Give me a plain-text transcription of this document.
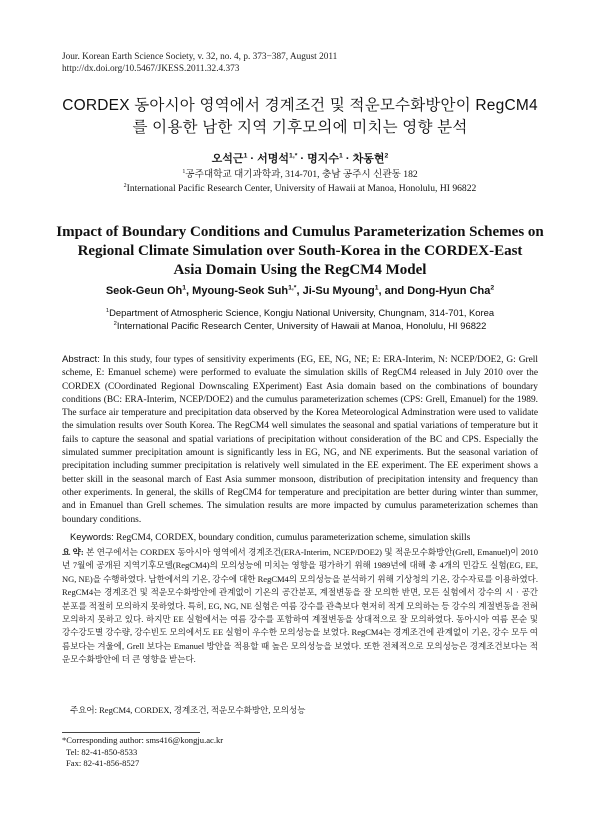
Jour. Korean Earth Science Society, v. 32, no. 4, p. 373−387, August 2011
http://dx.doi.org/10.5467/JKESS.2011.32.4.373
CORDEX 동아시아 영역에서 경계조건 및 적운모수화방안이 RegCM4
를 이용한 남한 지역 기후모의에 미치는 영향 분석
오석근$^1$ · 서명석$^{1,*}$ · 명지수$^1$ · 차동현$^2$
$^1$공주대학교 대기과학과, 314-701, 충남 공주시 신관동 182
$^2$International Pacific Research Center, University of Hawaii at Manoa, Honolulu, HI 96822
Impact of Boundary Conditions and Cumulus Parameterization Schemes on
Regional Climate Simulation over South-Korea in the CORDEX-East
Asia Domain Using the RegCM4 Model
Seok-Geun Oh$^1$, Myoung-Seok Suh$^{1,*}$, Ji-Su Myoung$^1$, and Dong-Hyun Cha$^2$
$^1$Department of Atmospheric Science, Kongju National University, Chungnam, 314-701, Korea
$^2$International Pacific Research Center, University of Hawaii at Manoa, Honolulu, HI 96822
Abstract: In this study, four types of sensitivity experiments (EG, EE, NG, NE; E: ERA-Interim, N: NCEP/DOE2, G: Grell scheme, E: Emanuel scheme) were performed to evaluate the simulation skills of RegCM4 released in July 2010 over the CORDEX (COordinated Regional Downscaling EXperiment) East Asia domain based on the combinations of boundary conditions (BC: ERA-Interim, NCEP/DOE2) and the cumulus parameterization schemes (CPS: Grell, Emanuel) for the 1989. The surface air temperature and precipitation data observed by the Korea Meteorological Adminstration were used to validate the simulation results over South Korea. The RegCM4 well simulates the seasonal and spatial variations of temperature but it fails to capture the seasonal and spatial variations of precipitation without consideration of the BC and CPS. Especially the simulated summer precipitation amount is significantly less in EG, NG, and NE experiments. But the seasonal variation of precipitation including summer precipitation is relatively well simulated in the EE experiment. The EE experiment shows a better skill in the seasonal march of East Asia summer monsoon, distribution of precipitation intensity and frequency than other experiments. In general, the skills of RegCM4 for temperature and precipitation are better during winter than summer, and in Emanuel than Grell schemes. The simulation results are more impacted by cumulus parameterization schemes than boundary conditions.
Keywords: RegCM4, CORDEX, boundary condition, cumulus parameterization scheme, simulation skills
요 약: 본 연구에서는 CORDEX 동아시아 영역에서 경계조건(ERA-Interim, NCEP/DOE2) 및 적운모수화방안(Grell, Emanuel)이 2010년 7월에 공개된 지역기후모델(RegCM4)의 모의성능에 미치는 영향을 평가하기 위해 1989년에 대해 총 4개의 민감도 실험(EG, EE, NG, NE)을 수행하였다. 남한에서의 기온, 강수에 대한 RegCM4의 모의성능을 분석하기 위해 기상청의 기온, 강수자료를 이용하였다. RegCM4는 경계조건 및 적운모수화방안에 관계없이 기온의 공간분포, 계절변동을 잘 모의한 반면, 모든 실험에서 강수의 시 · 공간 분포를 적절히 모의하지 못하였다. 특히, EG, NG, NE 실험은 여름 강수를 관측보다 현저히 적게 모의하는 등 강수의 계절변동을 전혀 모의하지 못하고 있다. 하지만 EE 실험에서는 여름 강수를 포함하여 계절변동을 상대적으로 잘 모의하였다. 동아시아 여름 몬순 및 강수강도별 강수량, 강수빈도 모의에서도 EE 실험이 우수한 모의성능을 보였다. RegCM4는 경계조건에 관계없이 기온, 강수 모두 여름보다는 겨울에, Grell 보다는 Emanuel 방안을 적용할 때 높은 모의성능을 보였다. 또한 전체적으로 모의성능은 경계조건보다는 적운모수화방안에 더 큰 영향을 받는다.
주요어: RegCM4, CORDEX, 경계조건, 적운모수화방안, 모의성능
*Corresponding author: sms416@kongju.ac.kr
Tel: 82-41-850-8533
Fax: 82-41-856-8527
